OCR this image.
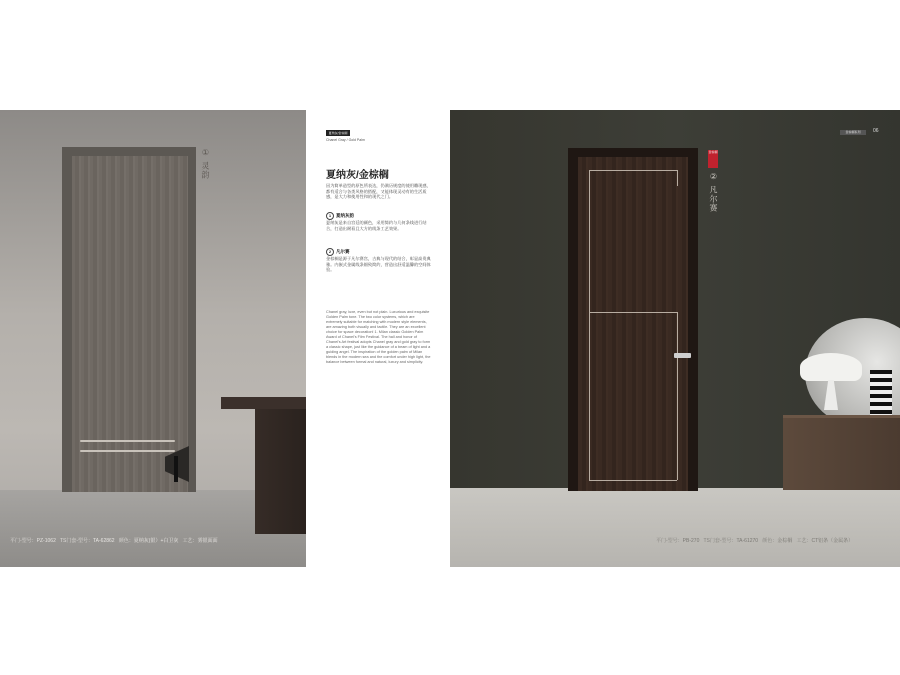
① 灵韵
平门-型号：PZ-1062 TS门套-型号：TA-62862 颜色：夏纳灰(银）+白卫灰 工艺：雾银面面
夏纳灰/金棕榈
Chanel Gray / Gold Palm
夏纳灰/金棕榈
因为简单造型的原色所表达，仍满历规度的使用雕现感，都有适合与各类风格的搭配，又能体现灵动有的生活质感，是大力和使用性和的现代之门。
1 夏纳灰韵
夏纳灰是来自宫廷的颜色，采用简约与几何条线进行结合，打造出耐看且大方的线条工艺效果。
2 凡尔赛
金棕榈是源于凡尔赛宫，古典与现代的结合，彰显高贵典雅。内嵌式金属线条细致简约，营造出舒适温馨的空间体验。
Chanel gray, luxe, even but not plain. Luxurious and exquisite Golden Palm tone. The two color systems, which are extremely suitable for matching with modern style elements, are amazing both visually and tactile. They are an excellent choice for space decoration! 1. Milan classic Golden Palm Award of Chanel's Film Festival. The hall and honor of Chanel's Art festival adopts Chanel gray and gold gray to form a classic shape, just like the guidance of a beam of light and a guiding angel. The inspiration of the golden palm of Milan blends in the modern sea and the comfort under high light, the balance between formal and natural, luxury and simplicity.
金棕榈
金棕榈系列	06
② 凡尔赛
平门-型号：PB-270 TS门套-型号：TA-61270 颜色：金棕榈 工艺：CT铝条（金属条）
